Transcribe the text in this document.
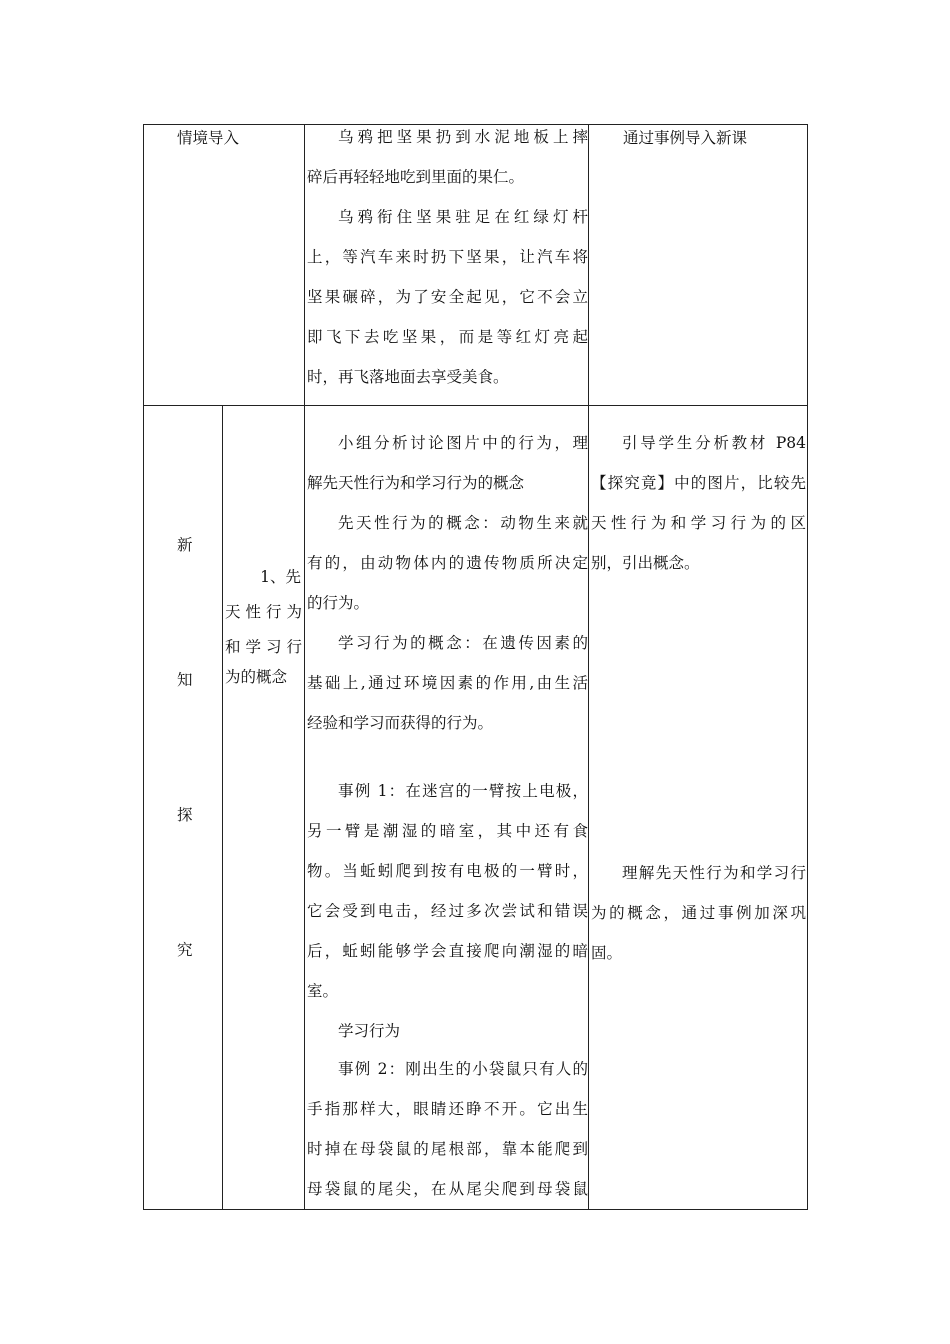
情境导入	乌鸦把坚果扔到水泥地板上摔

碎后再轻轻地吃到里面的果仁。

乌鸦衔住坚果驻足在红绿灯杆

上，等汽车来时扔下坚果，让汽车将

坚果碾碎，为了安全起见，它不会立

即飞下去吃坚果，而是等红灯亮起

时，再飞落地面去享受美食。

通过事例导入新课
新
知
探
究

1、先

天性行为

和学习行

为的概念

小组分析讨论图片中的行为，理

解先天性行为和学习行为的概念

先天性行为的概念：动物生来就

有的，由动物体内的遗传物质所决定

的行为。

学习行为的概念：在遗传因素的

基础上,通过环境因素的作用,由生活

经验和学习而获得的行为。

事例 1：在迷宫的一臂按上电极，

另一臂是潮湿的暗室，其中还有食

物。当蚯蚓爬到按有电极的一臂时，

它会受到电击，经过多次尝试和错误

后，蚯蚓能够学会直接爬向潮湿的暗

室。

学习行为

事例 2：刚出生的小袋鼠只有人的

手指那样大，眼睛还睁不开。它出生

时掉在母袋鼠的尾根部，靠本能爬到

母袋鼠的尾尖，在从尾尖爬到母袋鼠

引导学生分析教材 P84

【探究竟】中的图片，比较先

天性行为和学习行为的区

别，引出概念。

理解先天性行为和学习行

为的概念，通过事例加深巩

固。
